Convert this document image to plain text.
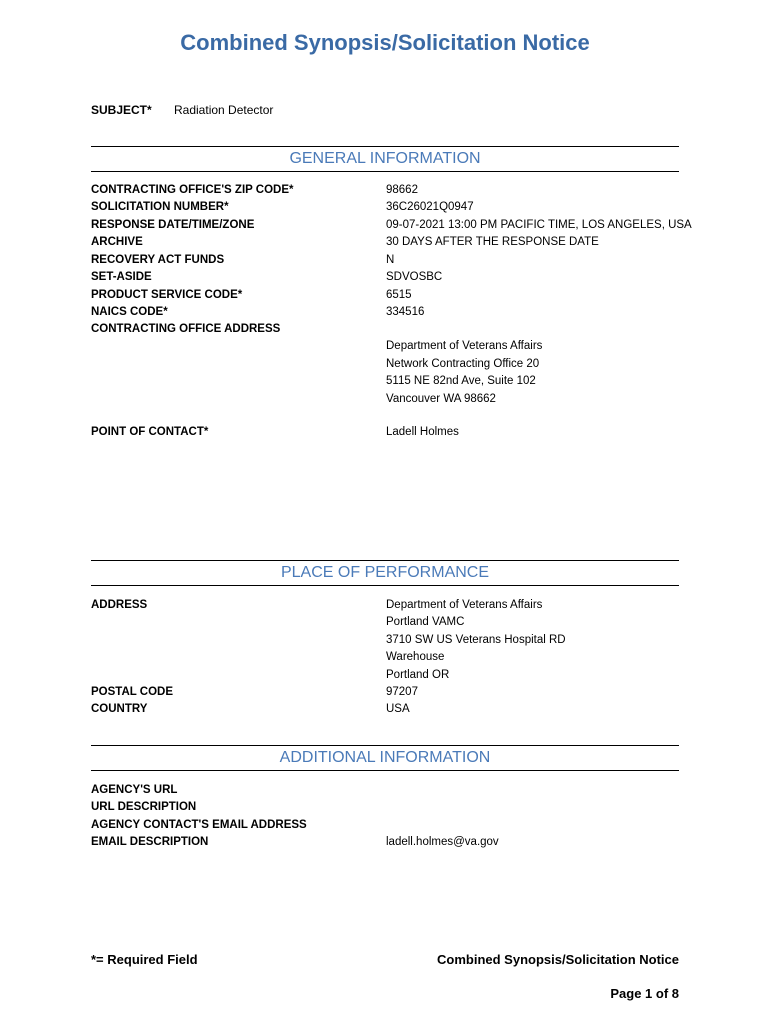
Combined Synopsis/Solicitation Notice
SUBJECT* Radiation Detector
GENERAL INFORMATION
CONTRACTING OFFICE'S ZIP CODE*	98662
SOLICITATION NUMBER*	36C26021Q0947
RESPONSE DATE/TIME/ZONE	09-07-2021 13:00 PM PACIFIC TIME, LOS ANGELES, USA
ARCHIVE	30 DAYS AFTER THE RESPONSE DATE
RECOVERY ACT FUNDS	N
SET-ASIDE	SDVOSBC
PRODUCT SERVICE CODE*	6515
NAICS CODE*	334516
CONTRACTING OFFICE ADDRESS
Department of Veterans Affairs
Network Contracting Office 20
5115 NE 82nd Ave, Suite 102
Vancouver WA 98662
POINT OF CONTACT*	Ladell Holmes
PLACE OF PERFORMANCE
ADDRESS	Department of Veterans Affairs
Portland VAMC
3710 SW US Veterans Hospital RD
Warehouse
Portland OR
POSTAL CODE	97207
COUNTRY	USA
ADDITIONAL INFORMATION
AGENCY'S URL
URL DESCRIPTION
AGENCY CONTACT'S EMAIL ADDRESS
EMAIL DESCRIPTION	ladell.holmes@va.gov
*= Required Field	Combined Synopsis/Solicitation Notice
Page 1 of 8
